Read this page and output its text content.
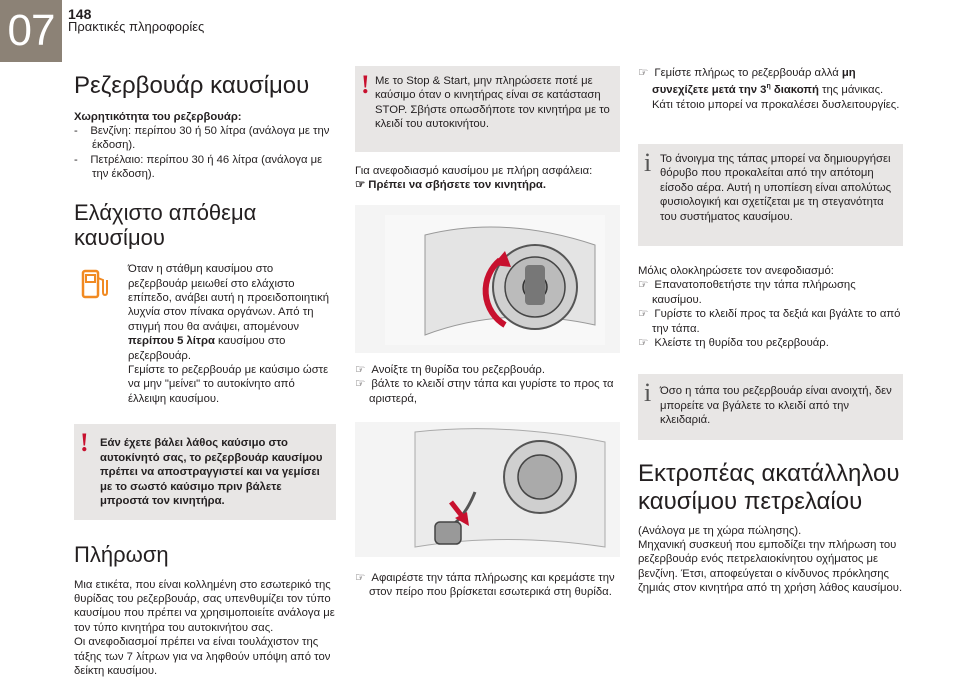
07 148
Πρακτικές πληροφορίες
Ρεζερβουάρ καυσίμου

Χωρητικότητα του ρεζερβουάρ:

-    Βενζίνη: περίπου 30 ή 50 λίτρα (ανάλογα με την έκδοση).
-    Πετρέλαιο: περίπου 30 ή 46 λίτρα (ανάλογα με την έκδοση).
Ελάχιστο απόθεμα καυσίμου

Όταν η στάθμη καυσίμου στο ρεζερβουάρ μειωθεί στο ελάχιστο επίπεδο, ανάβει αυτή η προειδοποιητική λυχνία στον πίνακα οργάνων. Από τη στιγμή που θα ανάψει, απομένουν περίπου 5 λίτρα καυσίμου στο ρεζερβουάρ.

Γεμίστε το ρεζερβουάρ με καύσιμο ώστε να μην "μείνει" το αυτοκίνητο από έλλειψη καυσίμου.

! Εάν έχετε βάλει λάθος καύσιμο στο αυτοκίνητό σας, το ρεζερβουάρ καυσίμου πρέπει να αποστραγγιστεί και να γεμίσει με το σωστό καύσιμο πριν βάλετε μπροστά τον κινητήρα.

Πλήρωση

Μια ετικέτα, που είναι κολλημένη στο εσωτερικό της θυρίδας του ρεζερβουάρ, σας υπενθυμίζει τον τύπο καυσίμου που πρέπει να χρησιμοποιείτε ανάλογα με τον τύπο κινητήρα του αυτοκινήτου σας.

Οι ανεφοδιασμοί πρέπει να είναι τουλάχιστον της τάξης των 7 λίτρων για να ληφθούν υπόψη από τον δείκτη καυσίμου.

! Με το Stop & Start, μην πληρώσετε ποτέ με καύσιμο όταν ο κινητήρας είναι σε κατάσταση STOP. Σβήστε οπωσδήποτε τον κινητήρα με το κλειδί του αυτοκινήτου.

Για ανεφοδιασμό καυσίμου με πλήρη ασφάλεια:

☞ Πρέπει να σβήσετε τον κινητήρα.
☞  Ανοίξτε τη θυρίδα του ρεζερβουάρ.
☞  βάλτε το κλειδί στην τάπα και γυρίστε το προς τα αριστερά,
☞  Αφαιρέστε την τάπα πλήρωσης και κρεμάστε την στον πείρο που βρίσκεται εσωτερικά στη θυρίδα.
☞  Γεμίστε πλήρως το ρεζερβουάρ αλλά μη συνεχίζετε μετά την $3^\eta$ διακοπή της μάνικας. Κάτι τέτοιο μπορεί να προκαλέσει δυσλειτουργίες.
i Το άνοιγμα της τάπας μπορεί να δημιουργήσει θόρυβο που προκαλείται από την απότομη είσοδο αέρα. Αυτή η υποπίεση είναι απολύτως φυσιολογική και σχετίζεται με τη στεγανότητα του συστήματος καυσίμου.

Μόλις ολοκληρώσετε τον ανεφοδιασμό:

☞  Επανατοποθετήστε την τάπα πλήρωσης καυσίμου.
☞  Γυρίστε το κλειδί προς τα δεξιά και βγάλτε το από την τάπα.
☞  Κλείστε τη θυρίδα του ρεζερβουάρ.
i Όσο η τάπα του ρεζερβουάρ είναι ανοιχτή, δεν μπορείτε να βγάλετε το κλειδί από την κλειδαριά.

Εκτροπέας ακατάλληλου καυσίμου πετρελαίου

(Ανάλογα με τη χώρα πώλησης).

Μηχανική συσκευή που εμποδίζει την πλήρωση του ρεζερβουάρ ενός πετρελαιοκίνητου οχήματος με βενζίνη. Έτσι, αποφεύγεται ο κίνδυνος πρόκλησης ζημιάς στον κινητήρα από τη χρήση λάθος καυσίμου.
